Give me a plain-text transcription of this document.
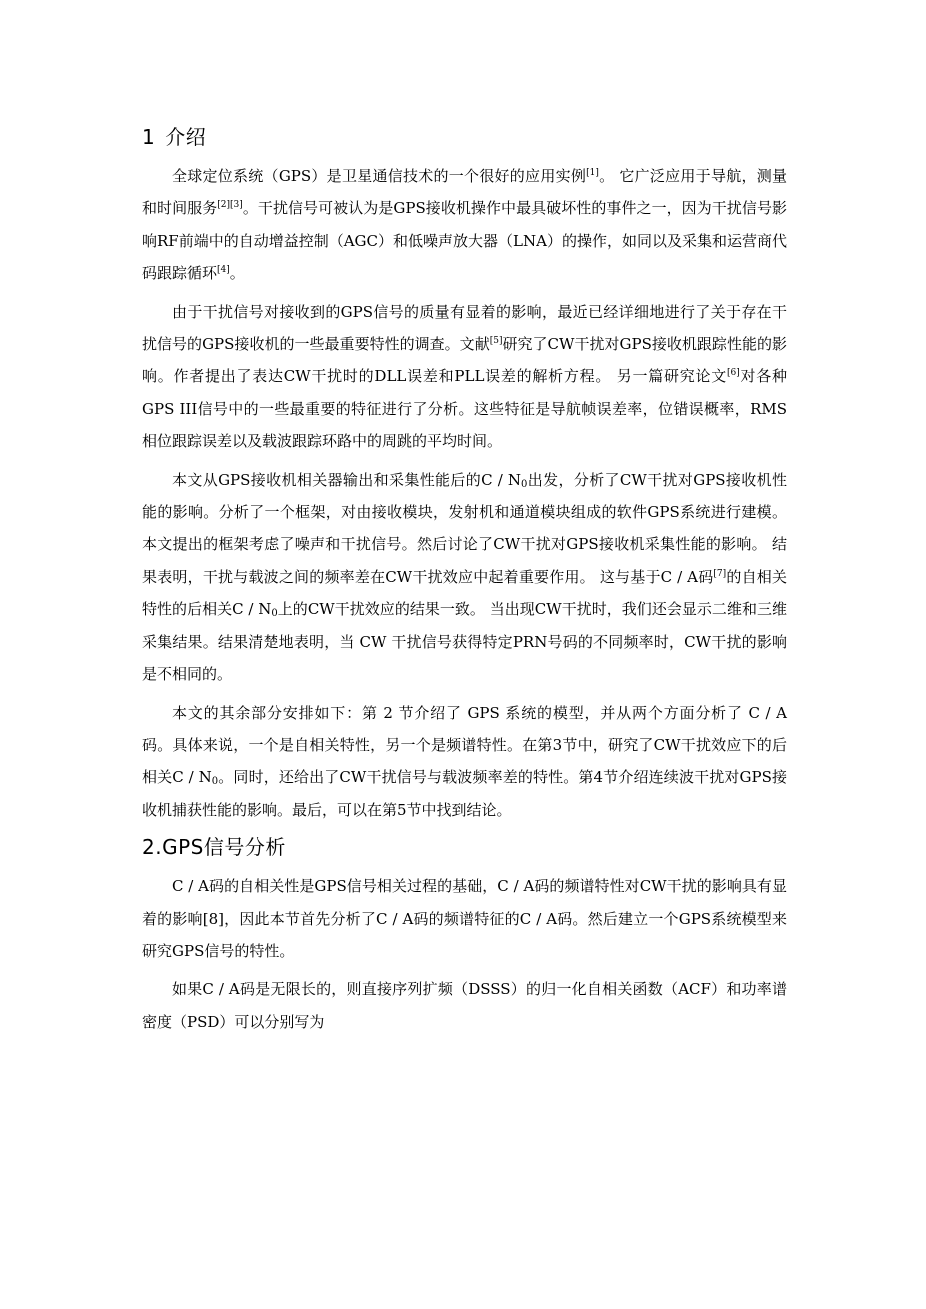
1 介绍

全球定位系统（GPS）是卫星通信技术的一个很好的应用实例[1]。 它广泛应用于导航，测量和时间服务[2][3]。干扰信号可被认为是GPS接收机操作中最具破坏性的事件之一，因为干扰信号影响RF前端中的自动增益控制（AGC）和低噪声放大器（LNA）的操作，如同以及采集和运营商代码跟踪循环[4]。

由于干扰信号对接收到的GPS信号的质量有显着的影响，最近已经详细地进行了关于存在干扰信号的GPS接收机的一些最重要特性的调查。文献[5]研究了CW干扰对GPS接收机跟踪性能的影响。作者提出了表达CW干扰时的DLL误差和PLL误差的解析方程。 另一篇研究论文[6]对各种GPS III信号中的一些最重要的特征进行了分析。这些特征是导航帧误差率，位错误概率，RMS相位跟踪误差以及载波跟踪环路中的周跳的平均时间。

本文从GPS接收机相关器输出和采集性能后的C / $N_0$出发，分析了CW干扰对GPS接收机性能的影响。分析了一个框架，对由接收模块，发射机和通道模块组成的软件GPS系统进行建模。本文提出的框架考虑了噪声和干扰信号。然后讨论了CW干扰对GPS接收机采集性能的影响。 结果表明，干扰与载波之间的频率差在CW干扰效应中起着重要作用。 这与基于C / A码[7]的自相关特性的后相关C / $N_0$上的CW干扰效应的结果一致。 当出现CW干扰时，我们还会显示二维和三维采集结果。结果清楚地表明，当 CW 干扰信号获得特定PRN号码的不同频率时，CW干扰的影响是不相同的。

本文的其余部分安排如下：第 2 节介绍了 GPS 系统的模型，并从两个方面分析了 C / A 码。具体来说，一个是自相关特性，另一个是频谱特性。在第3节中，研究了CW干扰效应下的后相关C / $N_0$。同时，还给出了CW干扰信号与载波频率差的特性。第4节介绍连续波干扰对GPS接收机捕获性能的影响。最后，可以在第5节中找到结论。

2.GPS信号分析

C / A码的自相关性是GPS信号相关过程的基础，C / A码的频谱特性对CW干扰的影响具有显着的影响[8]，因此本节首先分析了C / A码的频谱特征的C / A码。然后建立一个GPS系统模型来研究GPS信号的特性。

如果C / A码是无限长的，则直接序列扩频（DSSS）的归一化自相关函数（ACF）和功率谱密度（PSD）可以分别写为
